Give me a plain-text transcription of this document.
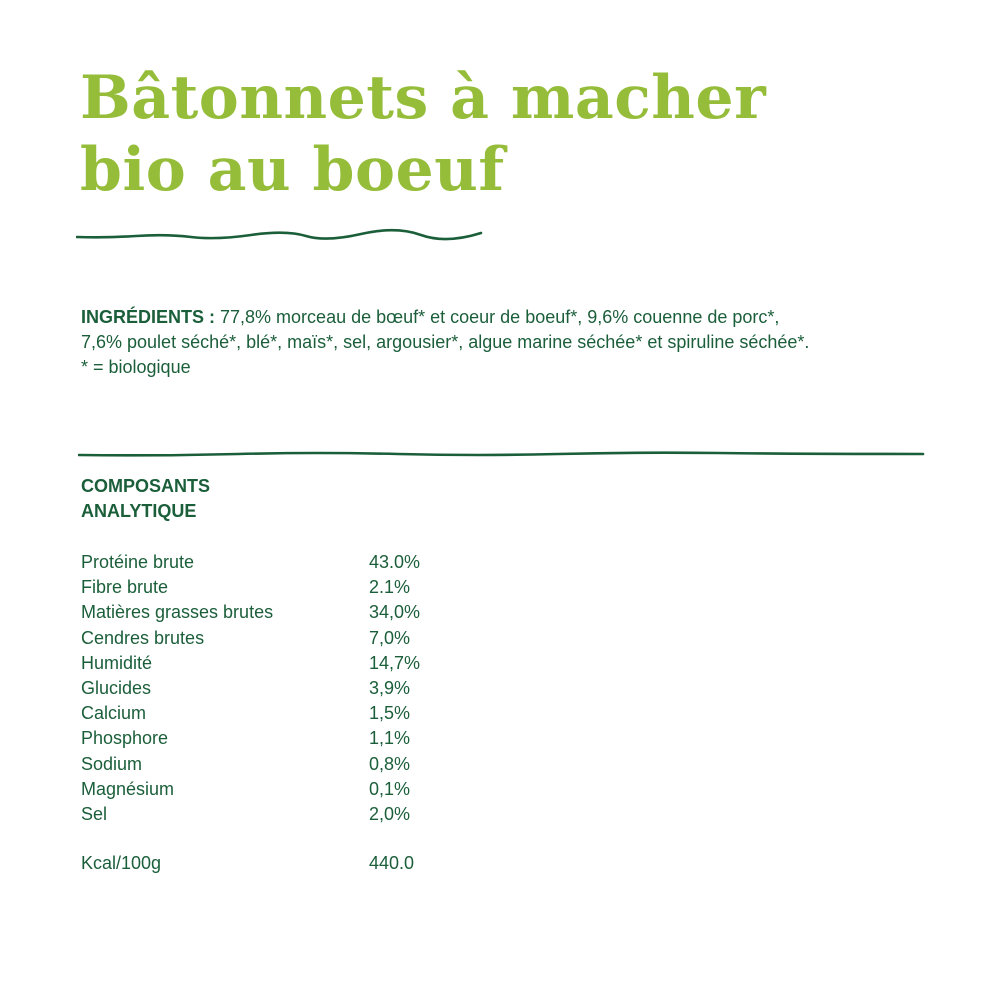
Bâtonnets à macher
bio au boeuf

INGRÉDIENTS : 77,8% morceau de bœuf* et coeur de boeuf*, 9,6% couenne de porc*,

7,6% poulet séché*, blé*, maïs*, sel, argousier*, algue marine séchée* et spiruline séchée*.

* = biologique

COMPOSANTS
ANALYTIQUE
Protéine brute	43.0%
Fibre brute	2.1%
Matières grasses brutes	34,0%
Cendres brutes	7,0%
Humidité	14,7%
Glucides	3,9%
Calcium	1,5%
Phosphore	1,1%
Sodium	0,8%
Magnésium	0,1%
Sel	2,0%
Kcal/100g	440.0
